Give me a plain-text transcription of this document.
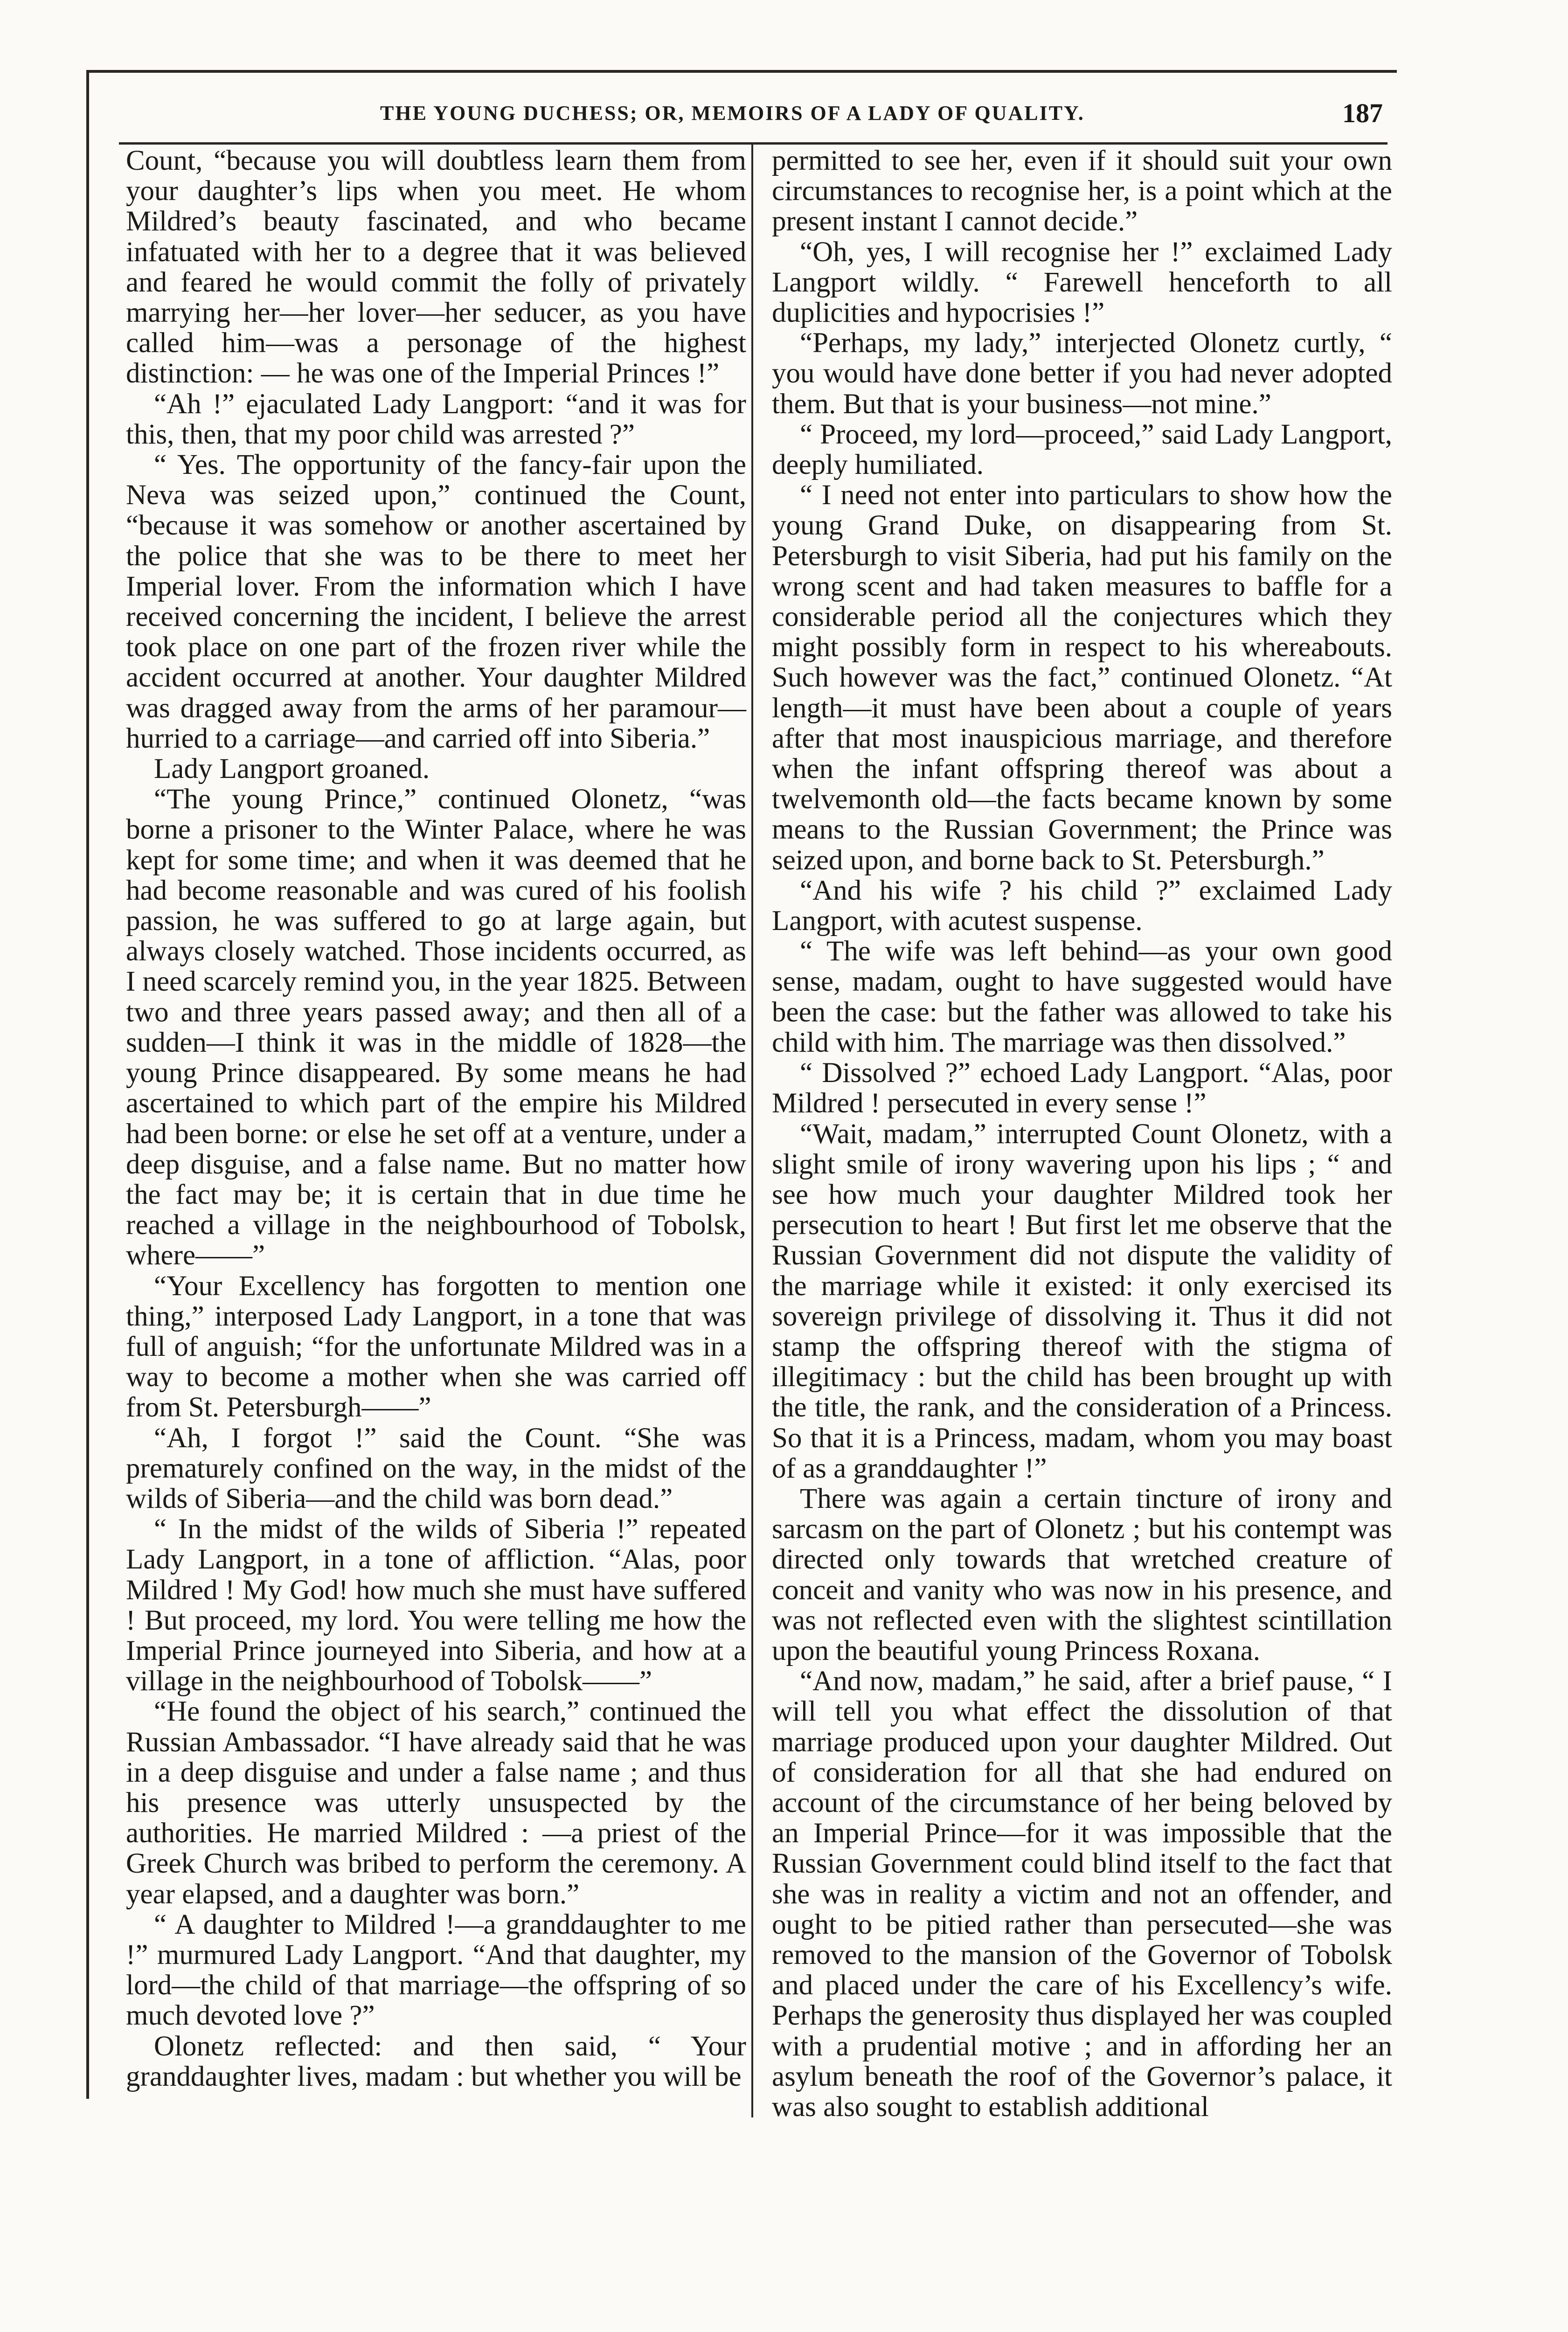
THE YOUNG DUCHESS; OR, MEMOIRS OF A LADY OF QUALITY.	187

Count, “because you will doubtless learn them from your daughter’s lips when you meet. He whom Mildred’s beauty fascinated, and who became infatuated with her to a degree that it was believed and feared he would commit the folly of privately marrying her—her lover—her seducer, as you have called him—was a personage of the highest distinction: — he was one of the Imperial Princes !”

“Ah !” ejaculated Lady Langport: “and it was for this, then, that my poor child was arrested ?”

“ Yes. The opportunity of the fancy-fair upon the Neva was seized upon,” continued the Count, “because it was somehow or another ascertained by the police that she was to be there to meet her Imperial lover. From the information which I have received concerning the incident, I believe the arrest took place on one part of the frozen river while the accident occurred at another. Your daughter Mildred was dragged away from the arms of her paramour—hurried to a carriage—and carried off into Siberia.”

Lady Langport groaned.

“The young Prince,” continued Olonetz, “was borne a prisoner to the Winter Palace, where he was kept for some time; and when it was deemed that he had become reasonable and was cured of his foolish passion, he was suffered to go at large again, but always closely watched. Those incidents occurred, as I need scarcely remind you, in the year 1825. Between two and three years passed away; and then all of a sudden—I think it was in the middle of 1828—the young Prince disappeared. By some means he had ascertained to which part of the empire his Mildred had been borne: or else he set off at a venture, under a deep disguise, and a false name. But no matter how the fact may be; it is certain that in due time he reached a village in the neighbourhood of Tobolsk, where——”

“Your Excellency has forgotten to mention one thing,” interposed Lady Langport, in a tone that was full of anguish; “for the unfortunate Mildred was in a way to become a mother when she was carried off from St. Petersburgh——”

“Ah, I forgot !” said the Count. “She was prematurely confined on the way, in the midst of the wilds of Siberia—and the child was born dead.”

“ In the midst of the wilds of Siberia !” repeated Lady Langport, in a tone of affliction. “Alas, poor Mildred ! My God! how much she must have suffered ! But proceed, my lord. You were telling me how the Imperial Prince journeyed into Siberia, and how at a village in the neighbourhood of Tobolsk——”

“He found the object of his search,” continued the Russian Ambassador. “I have already said that he was in a deep disguise and under a false name ; and thus his presence was utterly unsuspected by the authorities. He married Mildred : —a priest of the Greek Church was bribed to perform the ceremony. A year elapsed, and a daughter was born.”

“ A daughter to Mildred !—a granddaughter to me !” murmured Lady Langport. “And that daughter, my lord—the child of that marriage—the offspring of so much devoted love ?”

Olonetz reflected: and then said, “ Your granddaughter lives, madam : but whether you will be

permitted to see her, even if it should suit your own circumstances to recognise her, is a point which at the present instant I cannot decide.”

“Oh, yes, I will recognise her !” exclaimed Lady Langport wildly. “ Farewell henceforth to all duplicities and hypocrisies !”

“Perhaps, my lady,” interjected Olonetz curtly, “ you would have done better if you had never adopted them. But that is your business—not mine.”

“ Proceed, my lord—proceed,” said Lady Langport, deeply humiliated.

“ I need not enter into particulars to show how the young Grand Duke, on disappearing from St. Petersburgh to visit Siberia, had put his family on the wrong scent and had taken measures to baffle for a considerable period all the conjectures which they might possibly form in respect to his whereabouts. Such however was the fact,” continued Olonetz. “At length—it must have been about a couple of years after that most inauspicious marriage, and therefore when the infant offspring thereof was about a twelvemonth old—the facts became known by some means to the Russian Government; the Prince was seized upon, and borne back to St. Petersburgh.”

“And his wife ? his child ?” exclaimed Lady Langport, with acutest suspense.

“ The wife was left behind—as your own good sense, madam, ought to have suggested would have been the case: but the father was allowed to take his child with him. The marriage was then dissolved.”

“ Dissolved ?” echoed Lady Langport. “Alas, poor Mildred ! persecuted in every sense !”

“Wait, madam,” interrupted Count Olonetz, with a slight smile of irony wavering upon his lips ; “ and see how much your daughter Mildred took her persecution to heart ! But first let me observe that the Russian Government did not dispute the validity of the marriage while it existed: it only exercised its sovereign privilege of dissolving it. Thus it did not stamp the offspring thereof with the stigma of illegitimacy : but the child has been brought up with the title, the rank, and the consideration of a Princess. So that it is a Princess, madam, whom you may boast of as a granddaughter !”

There was again a certain tincture of irony and sarcasm on the part of Olonetz ; but his contempt was directed only towards that wretched creature of conceit and vanity who was now in his presence, and was not reflected even with the slightest scintillation upon the beautiful young Princess Roxana.

“And now, madam,” he said, after a brief pause, “ I will tell you what effect the dissolution of that marriage produced upon your daughter Mildred. Out of consideration for all that she had endured on account of the circumstance of her being beloved by an Imperial Prince—for it was impossible that the Russian Government could blind itself to the fact that she was in reality a victim and not an offender, and ought to be pitied rather than persecuted—she was removed to the mansion of the Governor of Tobolsk and placed under the care of his Excellency’s wife. Perhaps the generosity thus displayed her was coupled with a prudential motive ; and in affording her an asylum beneath the roof of the Governor’s palace, it was also sought to establish additional
